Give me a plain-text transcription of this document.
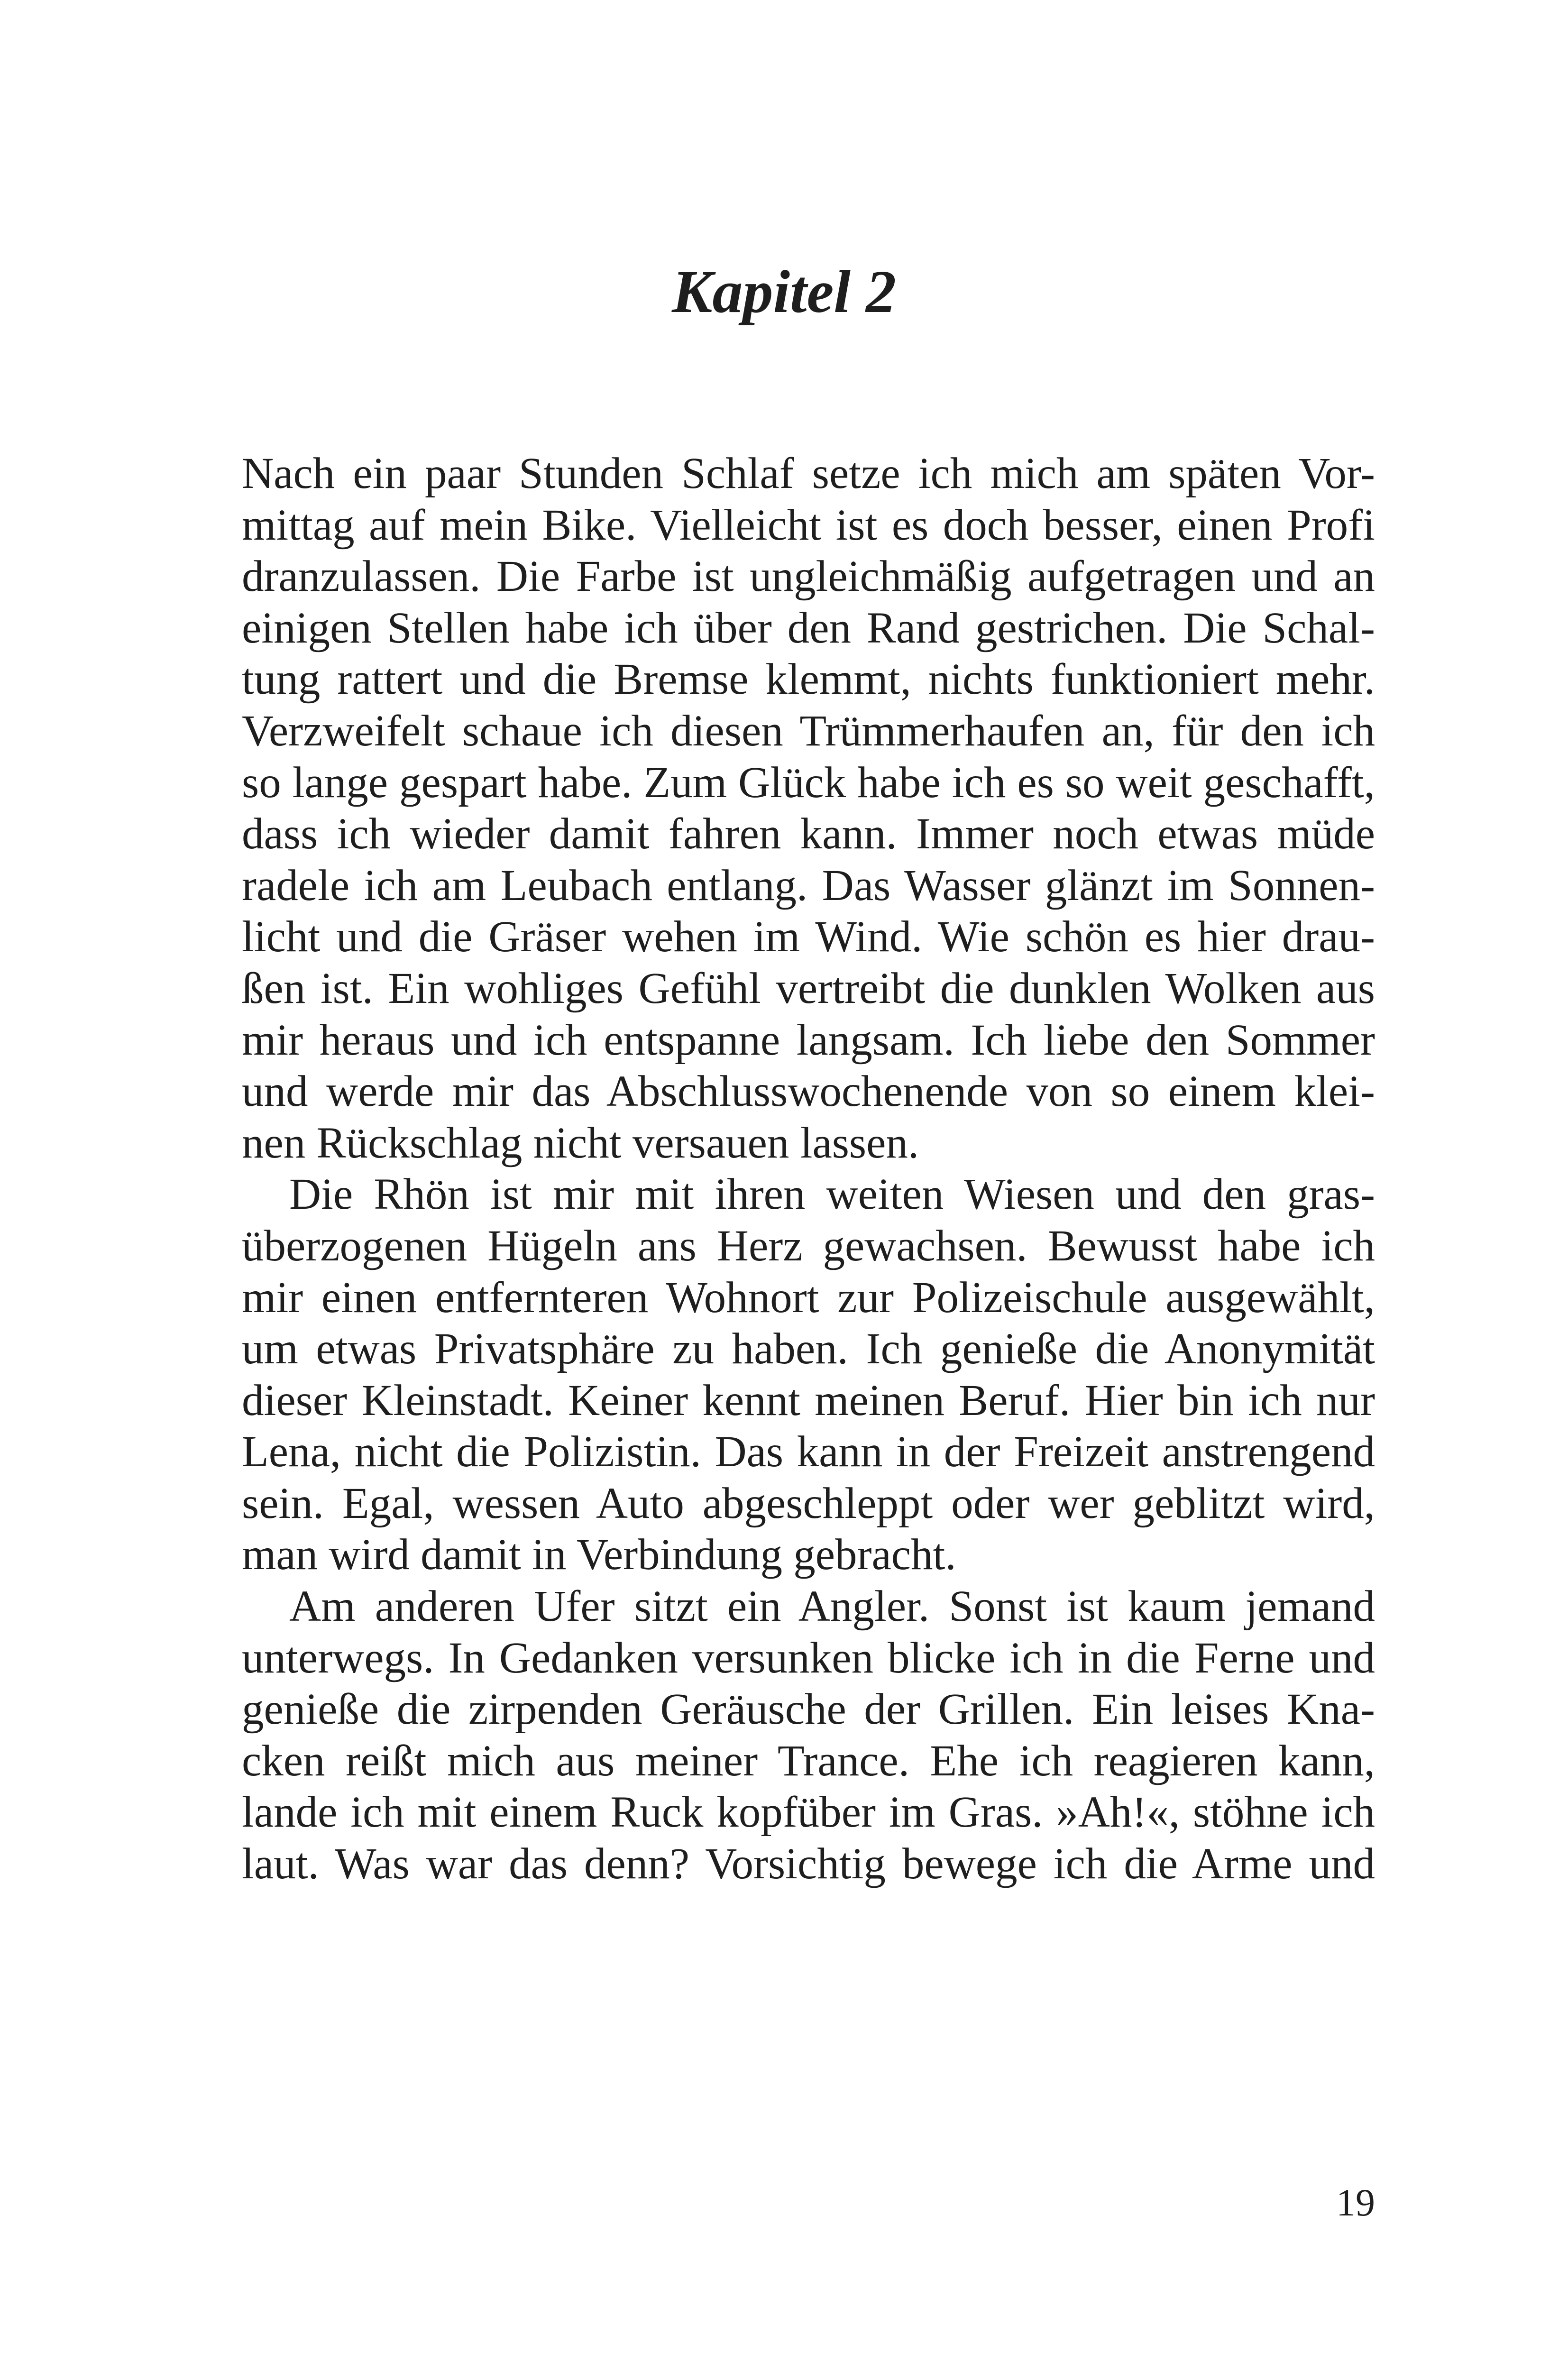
Kapitel 2

Nach ein paar Stunden Schlaf setze ich mich am späten Vor-
mittag auf mein Bike. Vielleicht ist es doch besser, einen Profi
dranzulassen. Die Farbe ist ungleichmäßig aufgetragen und an
einigen Stellen habe ich über den Rand gestrichen. Die Schal-
tung rattert und die Bremse klemmt, nichts funktioniert mehr.
Verzweifelt schaue ich diesen Trümmerhaufen an, für den ich
so lange gespart habe. Zum Glück habe ich es so weit geschafft,
dass ich wieder damit fahren kann. Immer noch etwas müde
radele ich am Leubach entlang. Das Wasser glänzt im Sonnen-
licht und die Gräser wehen im Wind. Wie schön es hier drau-
ßen ist. Ein wohliges Gefühl vertreibt die dunklen Wolken aus
mir heraus und ich entspanne langsam. Ich liebe den Sommer
und werde mir das Abschlusswochenende von so einem klei-
nen Rückschlag nicht versauen lassen.

Die Rhön ist mir mit ihren weiten Wiesen und den gras-
überzogenen Hügeln ans Herz gewachsen. Bewusst habe ich
mir einen entfernteren Wohnort zur Polizeischule ausgewählt,
um etwas Privatsphäre zu haben. Ich genieße die Anonymität
dieser Kleinstadt. Keiner kennt meinen Beruf. Hier bin ich nur
Lena, nicht die Polizistin. Das kann in der Freizeit anstrengend
sein. Egal, wessen Auto abgeschleppt oder wer geblitzt wird,
man wird damit in Verbindung gebracht.

Am anderen Ufer sitzt ein Angler. Sonst ist kaum jemand
unterwegs. In Gedanken versunken blicke ich in die Ferne und
genieße die zirpenden Geräusche der Grillen. Ein leises Kna-
cken reißt mich aus meiner Trance. Ehe ich reagieren kann,
lande ich mit einem Ruck kopfüber im Gras. »Ah!«, stöhne ich
laut. Was war das denn? Vorsichtig bewege ich die Arme und

19
